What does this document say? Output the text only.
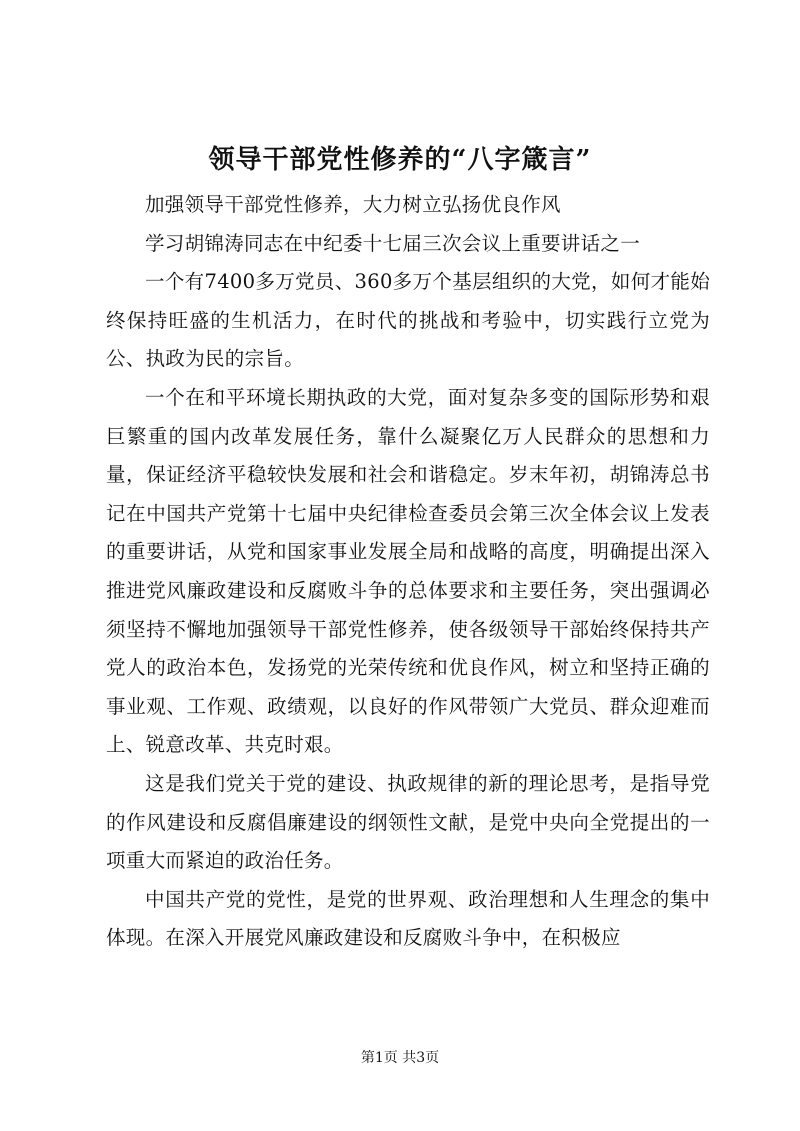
领导干部党性修养的“八字箴言”

加强领导干部党性修养，大力树立弘扬优良作风

学习胡锦涛同志在中纪委十七届三次会议上重要讲话之一

一个有7400多万党员、360多万个基层组织的大党，如何才能始终保持旺盛的生机活力，在时代的挑战和考验中，切实践行立党为公、执政为民的宗旨。

一个在和平环境长期执政的大党，面对复杂多变的国际形势和艰巨繁重的国内改革发展任务，靠什么凝聚亿万人民群众的思想和力量，保证经济平稳较快发展和社会和谐稳定。岁末年初，胡锦涛总书记在中国共产党第十七届中央纪律检查委员会第三次全体会议上发表的重要讲话，从党和国家事业发展全局和战略的高度，明确提出深入推进党风廉政建设和反腐败斗争的总体要求和主要任务，突出强调必须坚持不懈地加强领导干部党性修养，使各级领导干部始终保持共产党人的政治本色，发扬党的光荣传统和优良作风，树立和坚持正确的事业观、工作观、政绩观，以良好的作风带领广大党员、群众迎难而上、锐意改革、共克时艰。

这是我们党关于党的建设、执政规律的新的理论思考，是指导党的作风建设和反腐倡廉建设的纲领性文献，是党中央向全党提出的一项重大而紧迫的政治任务。

中国共产党的党性，是党的世界观、政治理想和人生理念的集中体现。在深入开展党风廉政建设和反腐败斗争中，在积极应

第1页 共3页
